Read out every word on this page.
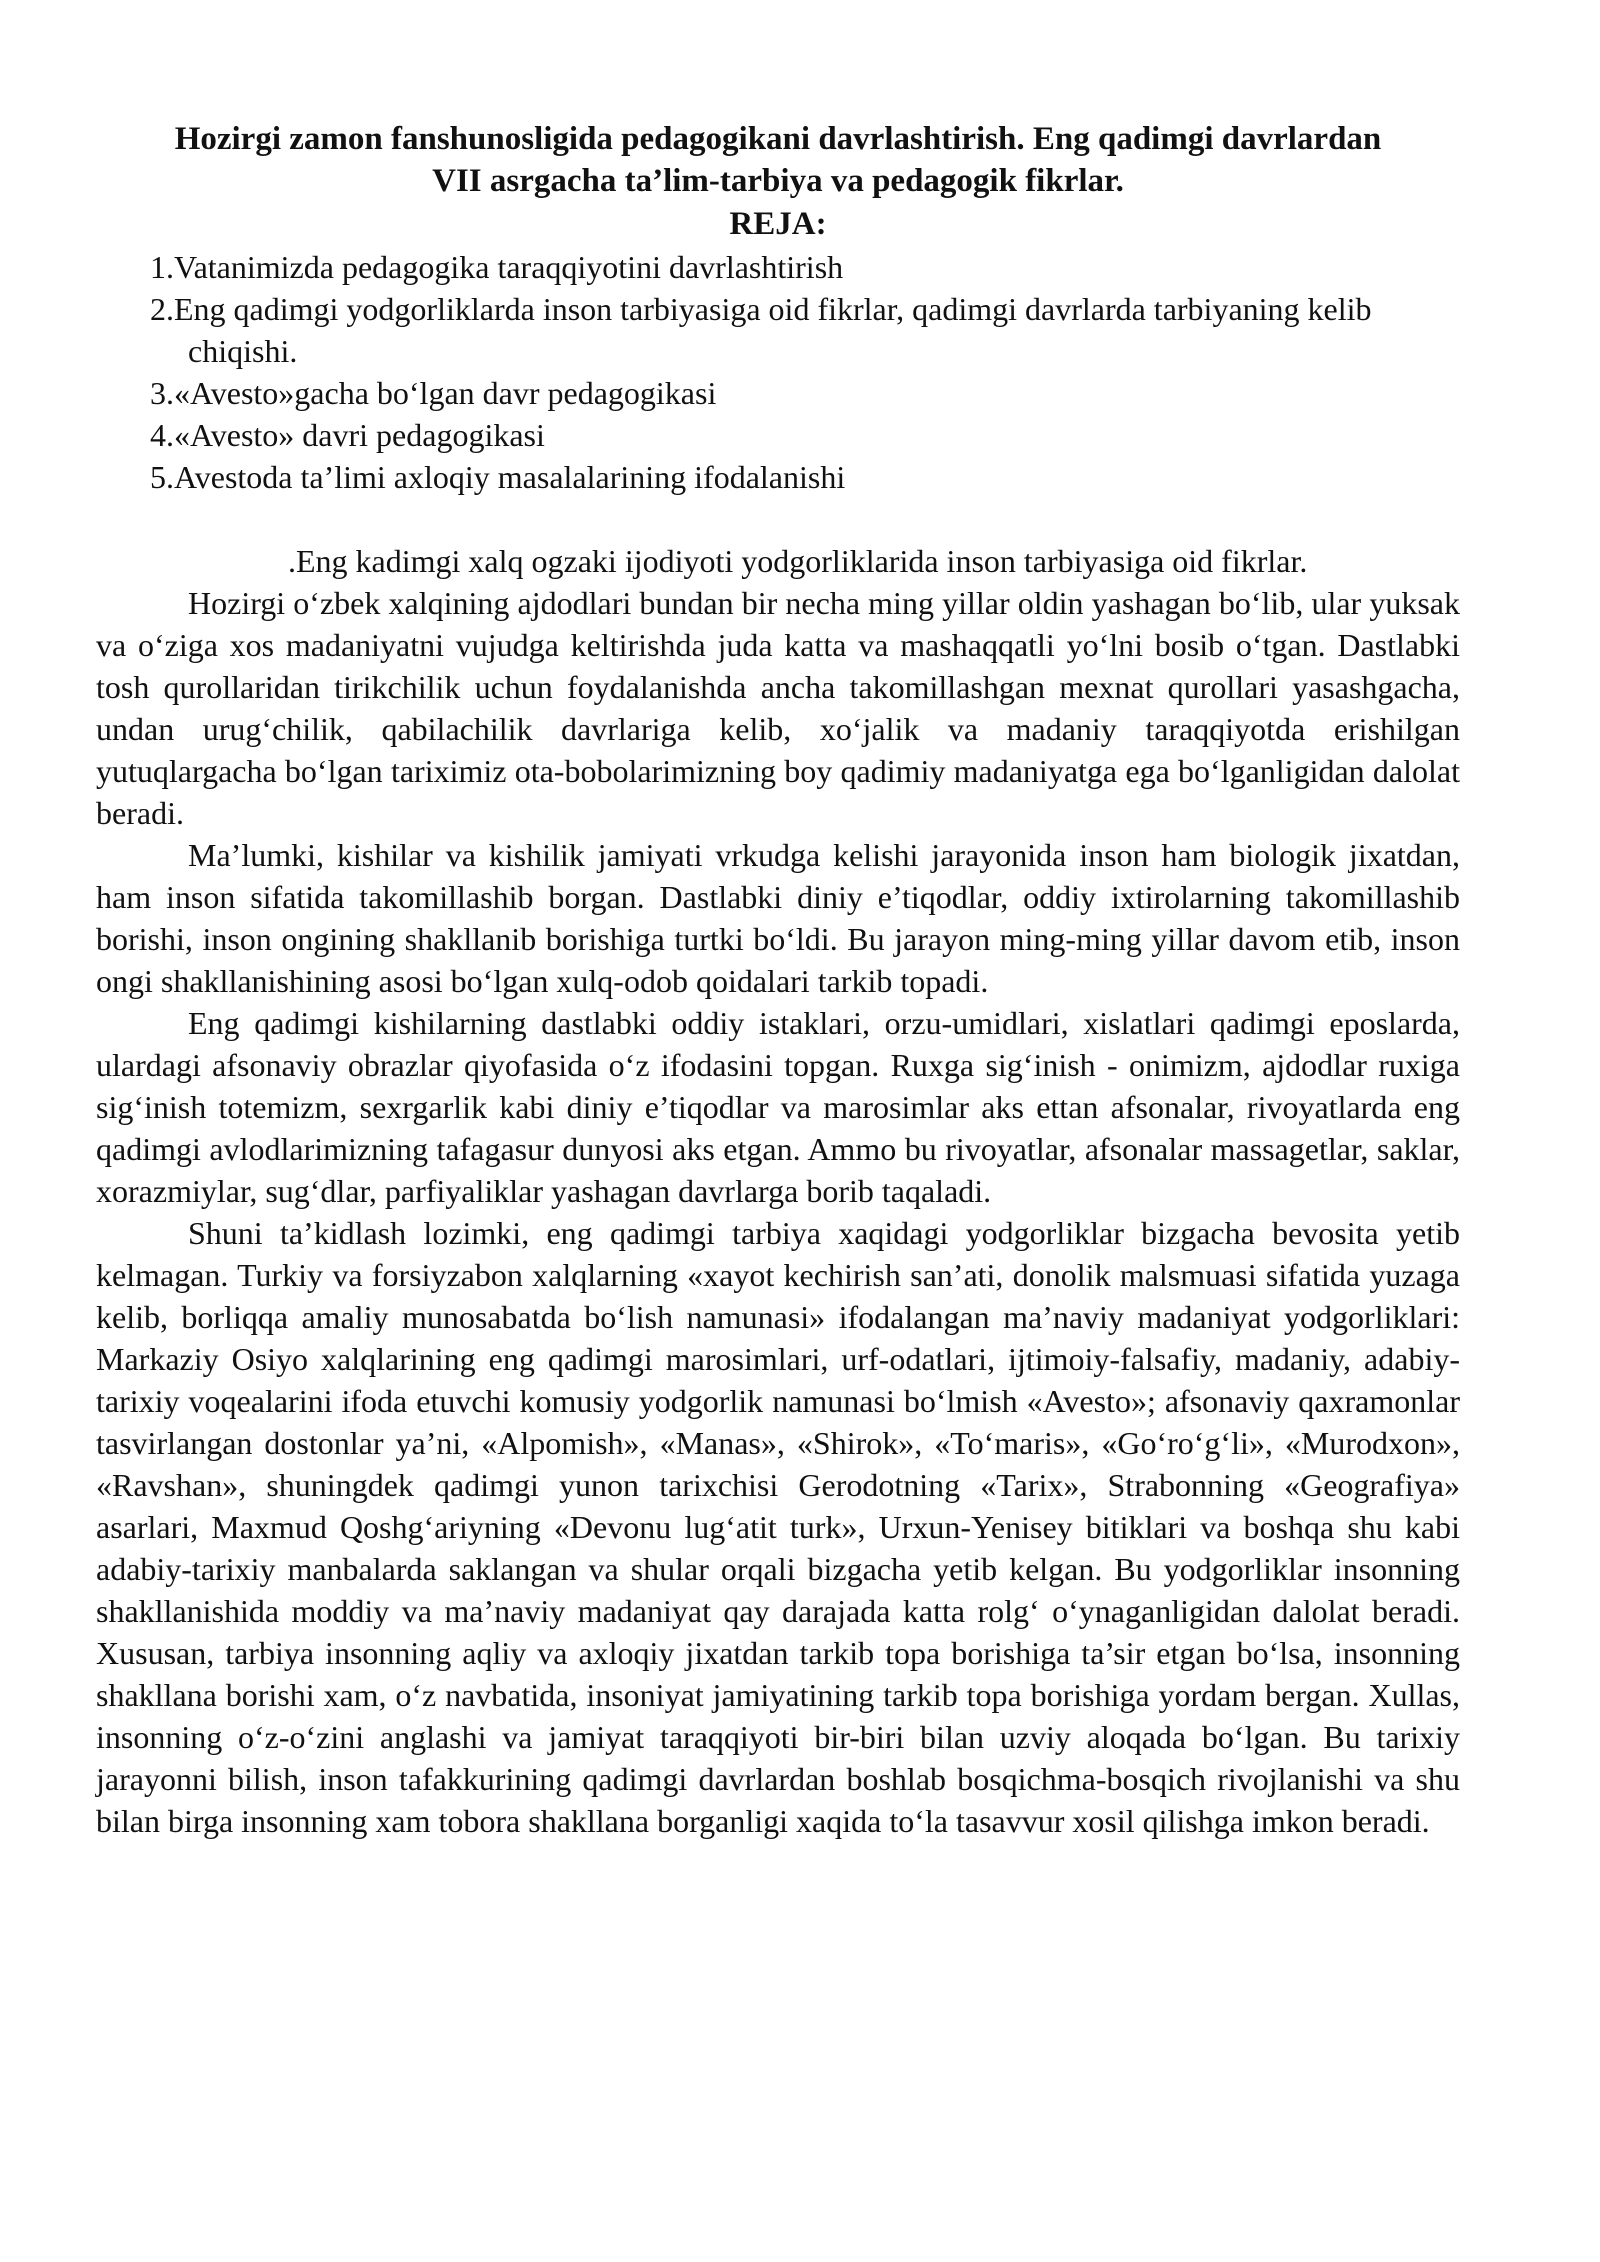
Hozirgi zamon fanshunosligida pedagogikani davrlashtirish. Eng qadimgi davrlardan
VII asrgacha ta’lim-tarbiya va pedagogik fikrlar.
REJA:
1.Vatanimizda pedagogika taraqqiyotini davrlashtirish
2.Eng qadimgi yodgorliklarda inson tarbiyasiga oid fikrlar, qadimgi davrlarda tarbiyaning kelib chiqishi.
3.«Avesto»gacha bo‘lgan davr pedagogikasi
4.«Avesto» davri pedagogikasi
5.Avestoda ta’limi axloqiy masalalarining ifodalanishi

.Eng kadimgi xalq ogzaki ijodiyoti yodgorliklarida inson tarbiyasiga oid fikrlar.

Hozirgi o‘zbek xalqining ajdodlari bundan bir necha ming yillar oldin yashagan bo‘lib, ular yuksak va o‘ziga xos madaniyatni vujudga keltirishda juda katta va mashaqqatli yo‘lni bosib o‘tgan. Dastlabki tosh qurollaridan tirikchilik uchun foydalanishda ancha takomillashgan mexnat qurollari yasashgacha, undan urug‘chilik, qabilachilik davrlariga kelib, xo‘jalik va madaniy taraqqiyotda erishilgan yutuqlargacha bo‘lgan tariximiz ota-bobolarimizning boy qadimiy madaniyatga ega bo‘lganligidan dalolat beradi.

Ma’lumki, kishilar va kishilik jamiyati vrkudga kelishi jarayonida inson ham biologik jixatdan, ham inson sifatida takomillashib borgan. Dastlabki diniy e’tiqodlar, oddiy ixtirolarning takomillashib borishi, inson ongining shakllanib borishiga turtki bo‘ldi. Bu jarayon ming-ming yillar davom etib, inson ongi shakllanishining asosi bo‘lgan xulq-odob qoidalari tarkib topadi.

Eng qadimgi kishilarning dastlabki oddiy istaklari, orzu-umidlari, xislatlari qadimgi eposlarda, ulardagi afsonaviy obrazlar qiyofasida o‘z ifodasini topgan. Ruxga sig‘inish - onimizm, ajdodlar ruxiga sig‘inish totemizm, sexrgarlik kabi diniy e’tiqodlar va marosimlar aks ettan afsonalar, rivoyatlarda eng qadimgi avlodlarimizning tafagasur dunyosi aks etgan. Ammo bu rivoyatlar, afsonalar massagetlar, saklar, xorazmiylar, sug‘dlar, parfiyaliklar yashagan davrlarga borib taqaladi.

Shuni ta’kidlash lozimki, eng qadimgi tarbiya xaqidagi yodgorliklar bizgacha bevosita yetib kelmagan. Turkiy va forsiyzabon xalqlarning «xayot kechirish san’ati, donolik malsmuasi sifatida yuzaga kelib, borliqqa amaliy munosabatda bo‘lish namunasi» ifodalangan ma’naviy madaniyat yodgorliklari: Markaziy Osiyo xalqlarining eng qadimgi marosimlari, urf-odatlari, ijtimoiy-falsafiy, madaniy, adabiy-tarixiy voqealarini ifoda etuvchi komusiy yodgorlik namunasi bo‘lmish «Avesto»; afsonaviy qaxramonlar tasvirlangan dostonlar ya’ni, «Alpomish», «Manas», «Shirok», «To‘maris», «Go‘ro‘g‘li», «Murodxon», «Ravshan», shuningdek qadimgi yunon tarixchisi Gerodotning «Tarix», Strabonning «Geografiya» asarlari, Maxmud Qoshg‘ariyning «Devonu lug‘atit turk», Urxun-Yenisey bitiklari va boshqa shu kabi adabiy-tarixiy manbalarda saklangan va shular orqali bizgacha yetib kelgan. Bu yodgorliklar insonning shakllanishida moddiy va ma’naviy madaniyat qay darajada katta rolg‘ o‘ynaganligidan dalolat beradi. Xususan, tarbiya insonning aqliy va axloqiy jixatdan tarkib topa borishiga ta’sir etgan bo‘lsa, insonning shakllana borishi xam, o‘z navbatida, insoniyat jamiyatining tarkib topa borishiga yordam bergan. Xullas, insonning o‘z-o‘zini anglashi va jamiyat taraqqiyoti bir-biri bilan uzviy aloqada bo‘lgan. Bu tarixiy jarayonni bilish, inson tafakkurining qadimgi davrlardan boshlab bosqichma-bosqich rivojlanishi va shu bilan birga insonning xam tobora shakllana borganligi xaqida to‘la tasavvur xosil qilishga imkon beradi.
